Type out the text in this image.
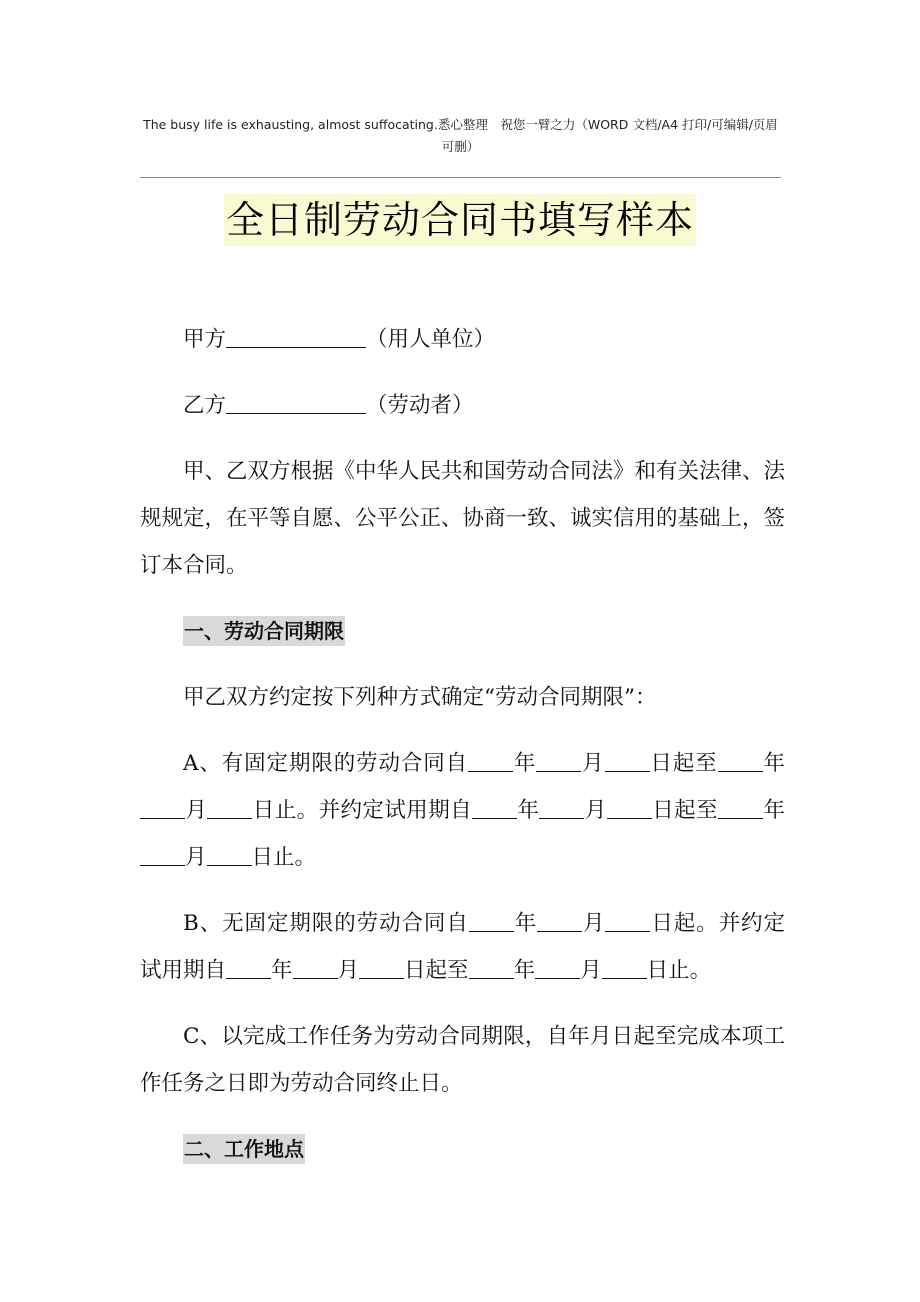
The busy life is exhausting, almost suffocating.悉心整理　祝您一臂之力（WORD 文档/A4 打印/可编辑/页眉可删）
全日制劳动合同书填写样本

甲方	（用人单位）

乙方	（劳动者）

甲、乙双方根据《中华人民共和国劳动合同法》和有关法律、法规规定，在平等自愿、公平公正、协商一致、诚实信用的基础上，签订本合同。

一、劳动合同期限

甲乙双方约定按下列种方式确定“劳动合同期限”：

A、有固定期限的劳动合同自 年 月 日起至 年月 日止。并约定试用期自 年 月 日起至 年月 日止。

B、无固定期限的劳动合同自 年 月 日起。并约定试用期自 年 月 日起至 年 月 日止。

C、以完成工作任务为劳动合同期限，自年月日起至完成本项工作任务之日即为劳动合同终止日。

二、工作地点
